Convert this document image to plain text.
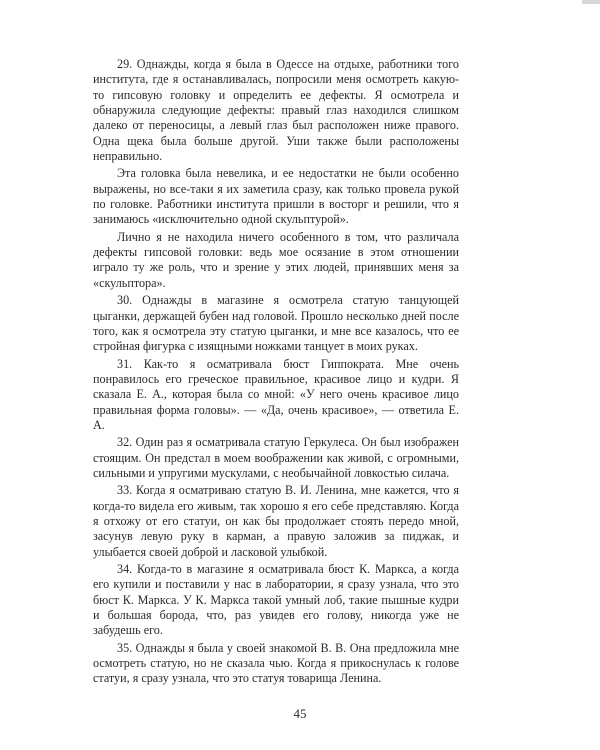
29. Однажды, когда я была в Одессе на отдыхе, работники того института, где я останавливалась, попросили меня осмотреть какую-то гипсовую головку и определить ее дефекты. Я осмотрела и обнаружила следующие дефекты: правый глаз находился слишком далеко от переносицы, а левый глаз был расположен ниже правого. Одна щека была больше другой. Уши также были расположены неправильно.

Эта головка была невелика, и ее недостатки не были особенно выражены, но все-таки я их заметила сразу, как только провела рукой по головке. Работники института пришли в восторг и решили, что я занимаюсь «исключительно одной скульптурой».

Лично я не находила ничего особенного в том, что различала дефекты гипсовой головки: ведь мое осязание в этом отношении играло ту же роль, что и зрение у этих людей, принявших меня за «скульптора».

30. Однажды в магазине я осмотрела статую танцующей цыганки, держащей бубен над головой. Прошло несколько дней после того, как я осмотрела эту статую цыганки, и мне все казалось, что ее стройная фигурка с изящными ножками танцует в моих руках.

31. Как-то я осматривала бюст Гиппократа. Мне очень понравилось его греческое правильное, красивое лицо и кудри. Я сказала Е. А., которая была со мной: «У него очень красивое лицо правильная форма головы». — «Да, очень красивое», — ответила Е. А.

32. Один раз я осматривала статую Геркулеса. Он был изображен стоящим. Он предстал в моем воображении как живой, с огромными, сильными и упругими мускулами, с необычайной ловкостью силача.

33. Когда я осматриваю статую В. И. Ленина, мне кажется, что я когда-то видела его живым, так хорошо я его себе представляю. Когда я отхожу от его статуи, он как бы продолжает стоять передо мной, засунув левую руку в карман, а правую заложив за пиджак, и улыбается своей доброй и ласковой улыбкой.

34. Когда-то в магазине я осматривала бюст К. Маркса, а когда его купили и поставили у нас в лаборатории, я сразу узнала, что это бюст К. Маркса. У К. Маркса такой умный лоб, такие пышные кудри и большая борода, что, раз увидев его голову, никогда уже не забудешь его.

35. Однажды я была у своей знакомой В. В. Она предложила мне осмотреть статую, но не сказала чью. Когда я прикоснулась к голове статуи, я сразу узнала, что это статуя товарища Ленина.

45
